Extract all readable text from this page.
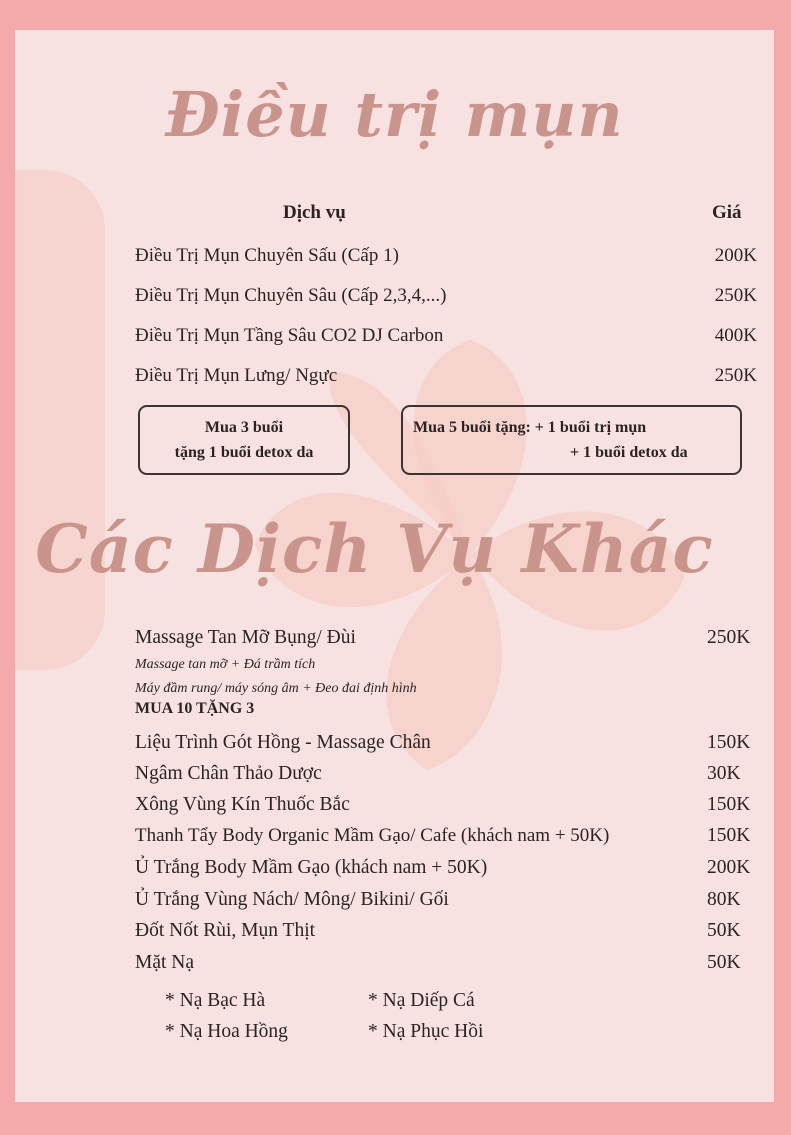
Điều trị mụn
Dịch vụ	Giá
Điều Trị Mụn Chuyên Sấu (Cấp 1)	200K
Điều Trị Mụn Chuyên Sâu (Cấp 2,3,4,...)	250K
Điều Trị Mụn Tầng Sâu CO2 DJ Carbon	400K
Điều Trị Mụn Lưng/ Ngực	250K
Mua 3 buổi
tặng 1 buổi detox da
Mua 5 buổi tặng: + 1 buổi trị mụn
+ 1 buổi detox da
Các Dịch Vụ Khác
Massage Tan Mỡ Bụng/ Đùi	250K
Massage tan mỡ + Đá trầm tích
Máy đầm rung/ máy sóng âm + Đeo đai định hình
MUA 10 TẶNG 3
Liệu Trình Gót Hồng - Massage Chân	150K
Ngâm Chân Thảo Dược	30K
Xông Vùng Kín Thuốc Bắc	150K
Thanh Tẩy Body Organic Mầm Gạo/ Cafe (khách nam + 50K)	150K
Ủ Trắng Body Mầm Gạo (khách nam + 50K)	200K
Ủ Trắng Vùng Nách/ Mông/ Bikini/ Gối	80K
Đốt Nốt Rùi, Mụn Thịt	50K
Mặt Nạ	50K
* Nạ Bạc Hà	* Nạ Diếp Cá
* Nạ Hoa Hồng	* Nạ Phục Hồi
